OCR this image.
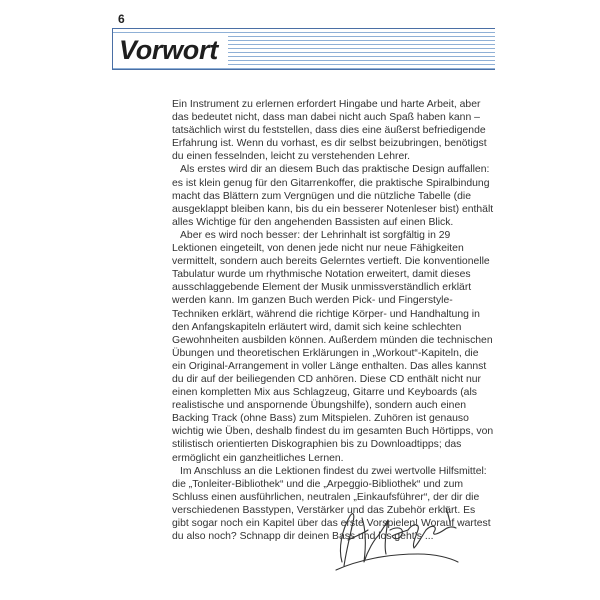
6
Vorwort

Ein Instrument zu erlernen erfordert Hingabe und harte Arbeit, aber das bedeutet nicht, dass man dabei nicht auch Spaß haben kann – tatsächlich wirst du feststellen, dass dies eine äußerst befriedigende Erfahrung ist. Wenn du vorhast, es dir selbst beizubringen, benötigst du einen fesselnden, leicht zu verstehenden Lehrer.

Als erstes wird dir an diesem Buch das praktische Design auffallen: es ist klein genug für den Gitarrenkoffer, die praktische Spiralbindung macht das Blättern zum Vergnügen und die nützliche Tabelle (die ausgeklappt bleiben kann, bis du ein besserer Notenleser bist) enthält alles Wichtige für den angehenden Bassisten auf einen Blick.

Aber es wird noch besser: der Lehrinhalt ist sorgfältig in 29 Lektionen eingeteilt, von denen jede nicht nur neue Fähigkeiten vermittelt, sondern auch bereits Gelerntes vertieft. Die konventionelle Tabulatur wurde um rhythmische Notation erweitert, damit dieses ausschlaggebende Element der Musik unmissverständlich erklärt werden kann. Im ganzen Buch werden Pick- und Fingerstyle-Techniken erklärt, während die richtige Körper- und Handhaltung in den Anfangskapiteln erläutert wird, damit sich keine schlechten Gewohnheiten ausbilden können. Außerdem münden die technischen Übungen und theoretischen Erklärungen in „Workout“-Kapiteln, die ein Original-Arrangement in voller Länge enthalten. Das alles kannst du dir auf der beiliegenden CD anhören. Diese CD enthält nicht nur einen kompletten Mix aus Schlagzeug, Gitarre und Keyboards (als realistische und anspornende Übungshilfe), sondern auch einen Backing Track (ohne Bass) zum Mitspielen. Zuhören ist genauso wichtig wie Üben, deshalb findest du im gesamten Buch Hörtipps, von stilistisch orientierten Diskographien bis zu Downloadtipps; das ermöglicht ein ganzheitliches Lernen.

Im Anschluss an die Lektionen findest du zwei wertvolle Hilfsmittel: die „Tonleiter-Bibliothek“ und die „Arpeggio-Bibliothek“ und zum Schluss einen ausführlichen, neutralen „Einkaufsführer“, der dir die verschiedenen Basstypen, Verstärker und das Zubehör erklärt. Es gibt sogar noch ein Kapitel über das erste Vorspielen! Worauf wartest du also noch? Schnapp dir deinen Bass und los geht’s ...
